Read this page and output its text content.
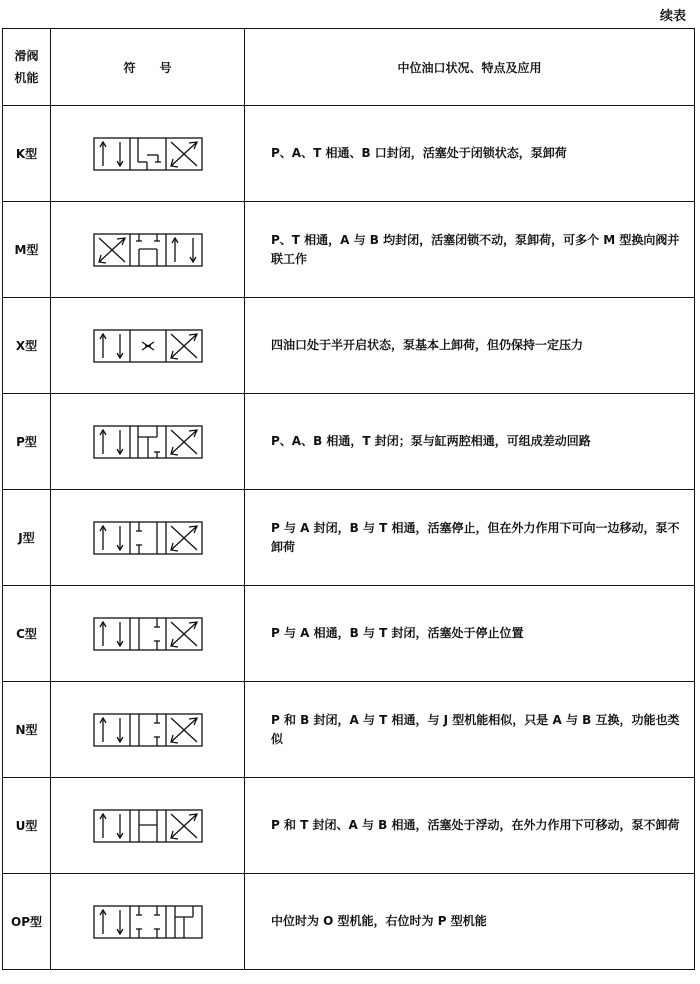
续表
滑阀机能	符　　号	中位油口状况、特点及应用
K型		P、A、T 相通、B 口封闭，活塞处于闭锁状态，泵卸荷
M型		P、T 相通，A 与 B 均封闭，活塞闭锁不动，泵卸荷，可多个 M 型换向阀并联工作
X型		四油口处于半开启状态，泵基本上卸荷，但仍保持一定压力
P型		P、A、B 相通，T 封闭；泵与缸两腔相通，可组成差动回路
J型		P 与 A 封闭，B 与 T 相通，活塞停止，但在外力作用下可向一边移动，泵不卸荷
C型		P 与 A 相通，B 与 T 封闭，活塞处于停止位置
N型		P 和 B 封闭，A 与 T 相通，与 J 型机能相似，只是 A 与 B 互换，功能也类似
U型		P 和 T 封闭、A 与 B 相通，活塞处于浮动，在外力作用下可移动，泵不卸荷
OP型		中位时为 O 型机能，右位时为 P 型机能
